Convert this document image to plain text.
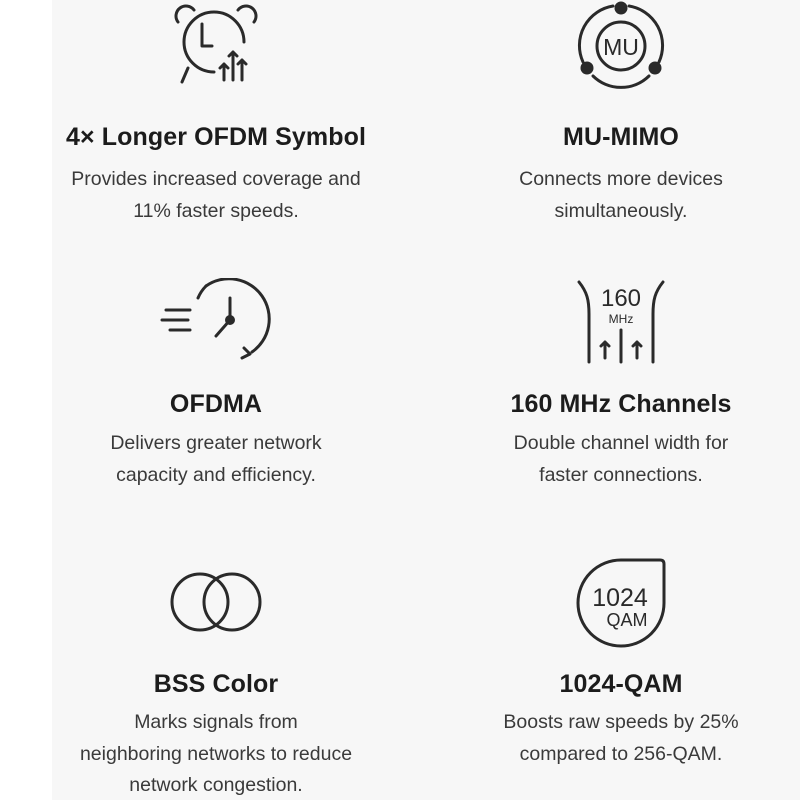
4× Longer OFDM Symbol
Provides increased coverage and
11% faster speeds.
MU
MU-MIMO
Connects more devices
simultaneously.
OFDMA
Delivers greater network
capacity and efficiency.
160
MHz
160 MHz Channels
Double channel width for
faster connections.
BSS Color
Marks signals from
neighboring networks to reduce
network congestion.
1024
QAM
1024-QAM
Boosts raw speeds by 25%
compared to 256-QAM.
